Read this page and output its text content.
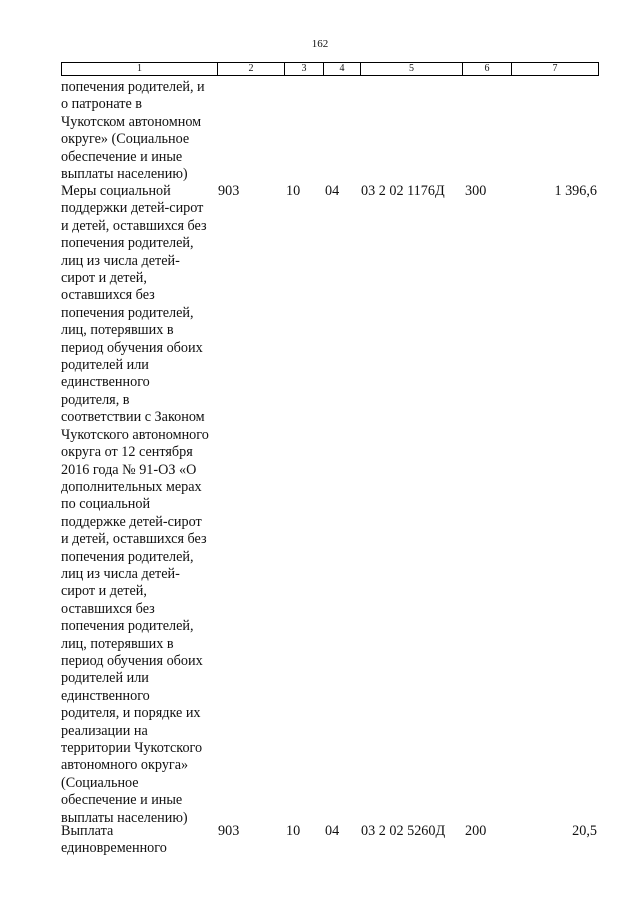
162
1	2	3	4	5	6	7

попечения родителей, и
о патронате в
Чукотском автономном
округе» (Социальное
обеспечение и иные
выплаты населению)

Меры социальной
поддержки детей-сирот
и детей, оставшихся без
попечения родителей,
лиц из числа детей-
сирот и детей,
оставшихся без
попечения родителей,
лиц, потерявших в
период обучения обоих
родителей или
единственного
родителя, в
соответствии с Законом
Чукотского автономного
округа от 12 сентября
2016 года № 91-ОЗ «О
дополнительных мерах
по социальной
поддержке детей-сирот
и детей, оставшихся без
попечения родителей,
лиц из числа детей-
сирот и детей,
оставшихся без
попечения родителей,
лиц, потерявших в
период обучения обоих
родителей или
единственного
родителя, и порядке их
реализации на
территории Чукотского
автономного округа»
(Социальное
обеспечение и иные
выплаты населению)

903	10	04	03 2 02 1176Д	300	1 396,6

Выплата
единовременного

903	10	04	03 2 02 5260Д	200	20,5
